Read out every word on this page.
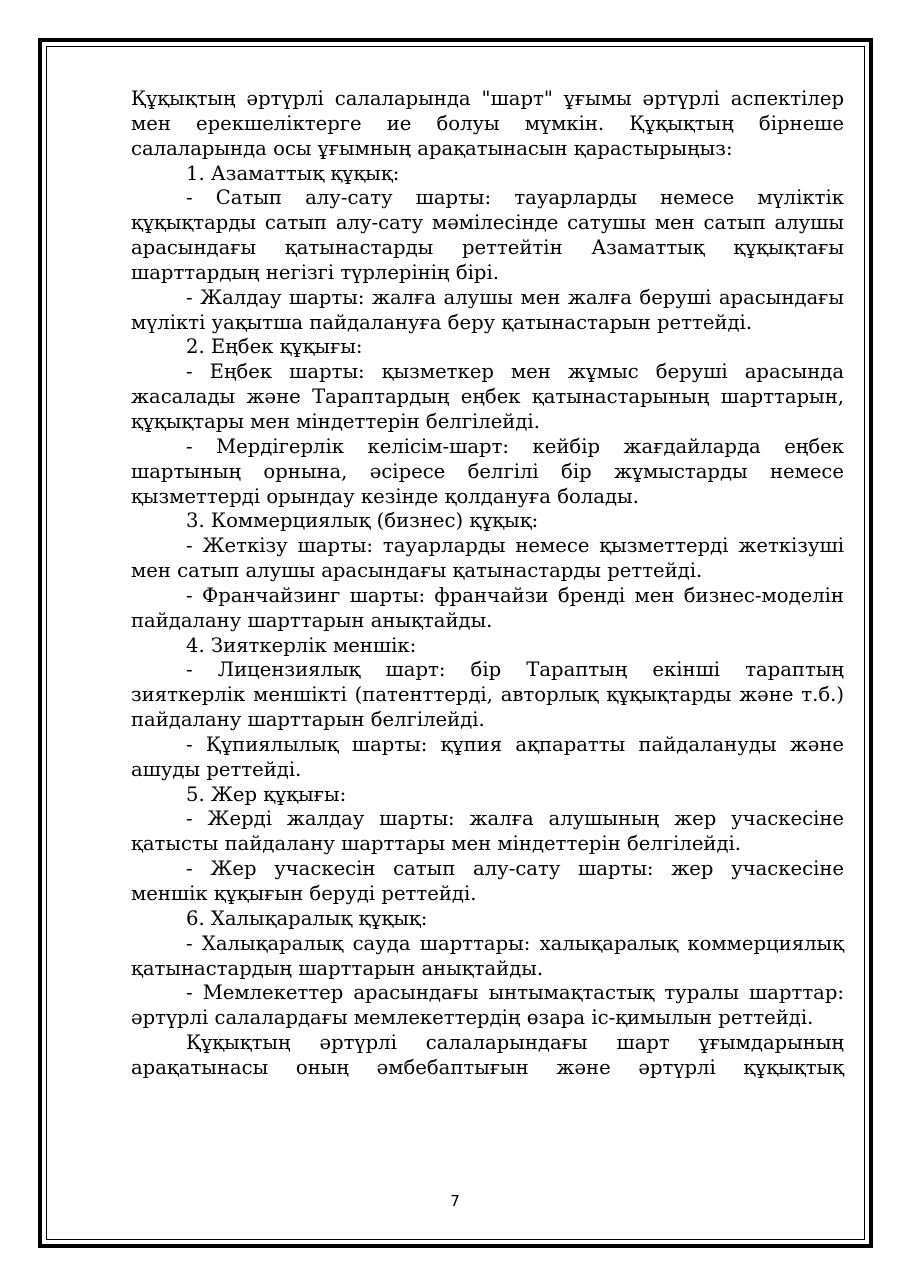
Құқықтың әртүрлі салаларында "шарт" ұғымы әртүрлі аспектілер мен ерекшеліктерге ие болуы мүмкін. Құқықтың бірнеше салаларында осы ұғымның арақатынасын қарастырыңыз:

1. Азаматтық құқық:

- Сатып алу-сату шарты: тауарларды немесе мүліктік құқықтарды сатып алу-сату мәмілесінде сатушы мен сатып алушы арасындағы қатынастарды реттейтін Азаматтық құқықтағы шарттардың негізгі түрлерінің бірі.

- Жалдау шарты: жалға алушы мен жалға беруші арасындағы мүлікті уақытша пайдалануға беру қатынастарын реттейді.

2. Еңбек құқығы:

- Еңбек шарты: қызметкер мен жұмыс беруші арасында жасалады және Тараптардың еңбек қатынастарының шарттарын, құқықтары мен міндеттерін белгілейді.

- Мердігерлік келісім-шарт: кейбір жағдайларда еңбек шартының орнына, әсіресе белгілі бір жұмыстарды немесе қызметтерді орындау кезінде қолдануға болады.

3. Коммерциялық (бизнес) құқық:

- Жеткізу шарты: тауарларды немесе қызметтерді жеткізуші мен сатып алушы арасындағы қатынастарды реттейді.

- Франчайзинг шарты: франчайзи бренді мен бизнес-моделін пайдалану шарттарын анықтайды.

4. Зияткерлік меншік:

- Лицензиялық шарт: бір Тараптың екінші тараптың зияткерлік меншікті (патенттерді, авторлық құқықтарды және т.б.) пайдалану шарттарын белгілейді.

- Құпиялылық шарты: құпия ақпаратты пайдалануды және ашуды реттейді.

5. Жер құқығы:

- Жерді жалдау шарты: жалға алушының жер учаскесіне қатысты пайдалану шарттары мен міндеттерін белгілейді.

- Жер учаскесін сатып алу-сату шарты: жер учаскесіне меншік құқығын беруді реттейді.

6. Халықаралық құқық:

- Халықаралық сауда шарттары: халықаралық коммерциялық қатынастардың шарттарын анықтайды.

- Мемлекеттер арасындағы ынтымақтастық туралы шарттар: әртүрлі салалардағы мемлекеттердің өзара іс-қимылын реттейді.

Құқықтың әртүрлі салаларындағы шарт ұғымдарының арақатынасы оның әмбебаптығын және әртүрлі құқықтық

7
